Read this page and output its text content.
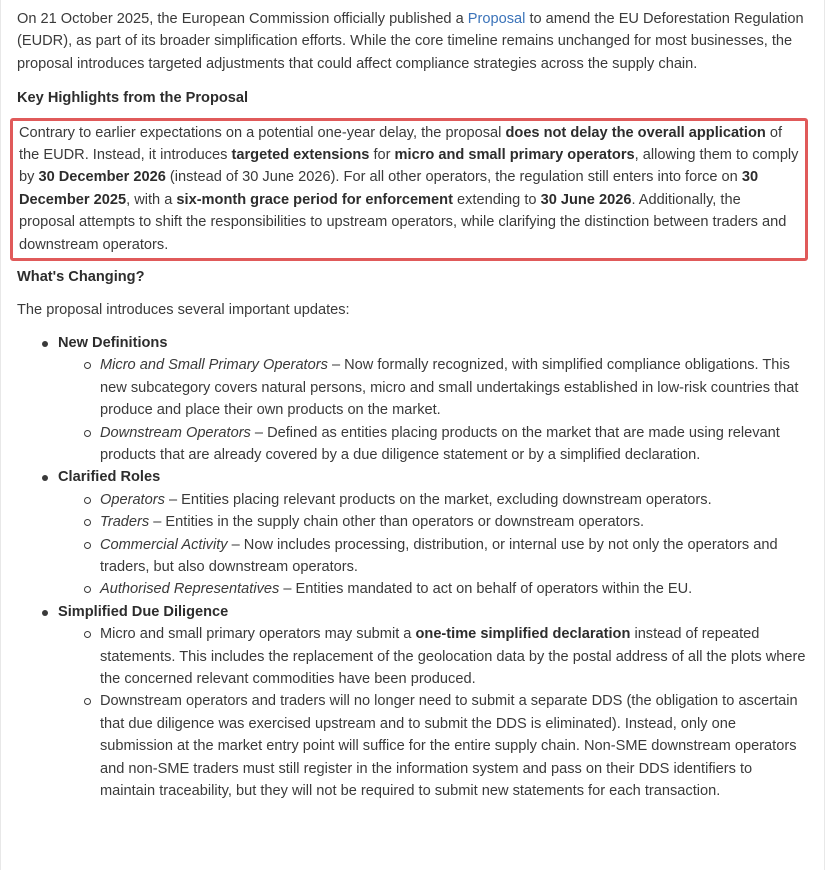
On 21 October 2025, the European Commission officially published a Proposal to amend the EU Deforestation Regulation (EUDR), as part of its broader simplification efforts. While the core timeline remains unchanged for most businesses, the proposal introduces targeted adjustments that could affect compliance strategies across the supply chain.

Key Highlights from the Proposal

Contrary to earlier expectations on a potential one-year delay, the proposal does not delay the overall application of the EUDR. Instead, it introduces targeted extensions for micro and small primary operators, allowing them to comply by 30 December 2026 (instead of 30 June 2026). For all other operators, the regulation still enters into force on 30 December 2025, with a six-month grace period for enforcement extending to 30 June 2026. Additionally, the proposal attempts to shift the responsibilities to upstream operators, while clarifying the distinction between traders and downstream operators.

What's Changing?

The proposal introduces several important updates:

New Definitions
Micro and Small Primary Operators – Now formally recognized, with simplified compliance obligations. This new subcategory covers natural persons, micro and small undertakings established in low-risk countries that produce and place their own products on the market.
Downstream Operators – Defined as entities placing products on the market that are made using relevant products that are already covered by a due diligence statement or by a simplified declaration.
Clarified Roles
Operators – Entities placing relevant products on the market, excluding downstream operators.
Traders – Entities in the supply chain other than operators or downstream operators.
Commercial Activity – Now includes processing, distribution, or internal use by not only the operators and traders, but also downstream operators.
Authorised Representatives – Entities mandated to act on behalf of operators within the EU.
Simplified Due Diligence
Micro and small primary operators may submit a one-time simplified declaration instead of repeated statements. This includes the replacement of the geolocation data by the postal address of all the plots where the concerned relevant commodities have been produced.
Downstream operators and traders will no longer need to submit a separate DDS (the obligation to ascertain that due diligence was exercised upstream and to submit the DDS is eliminated). Instead, only one submission at the market entry point will suffice for the entire supply chain. Non-SME downstream operators and non-SME traders must still register in the information system and pass on their DDS identifiers to maintain traceability, but they will not be required to submit new statements for each transaction.
